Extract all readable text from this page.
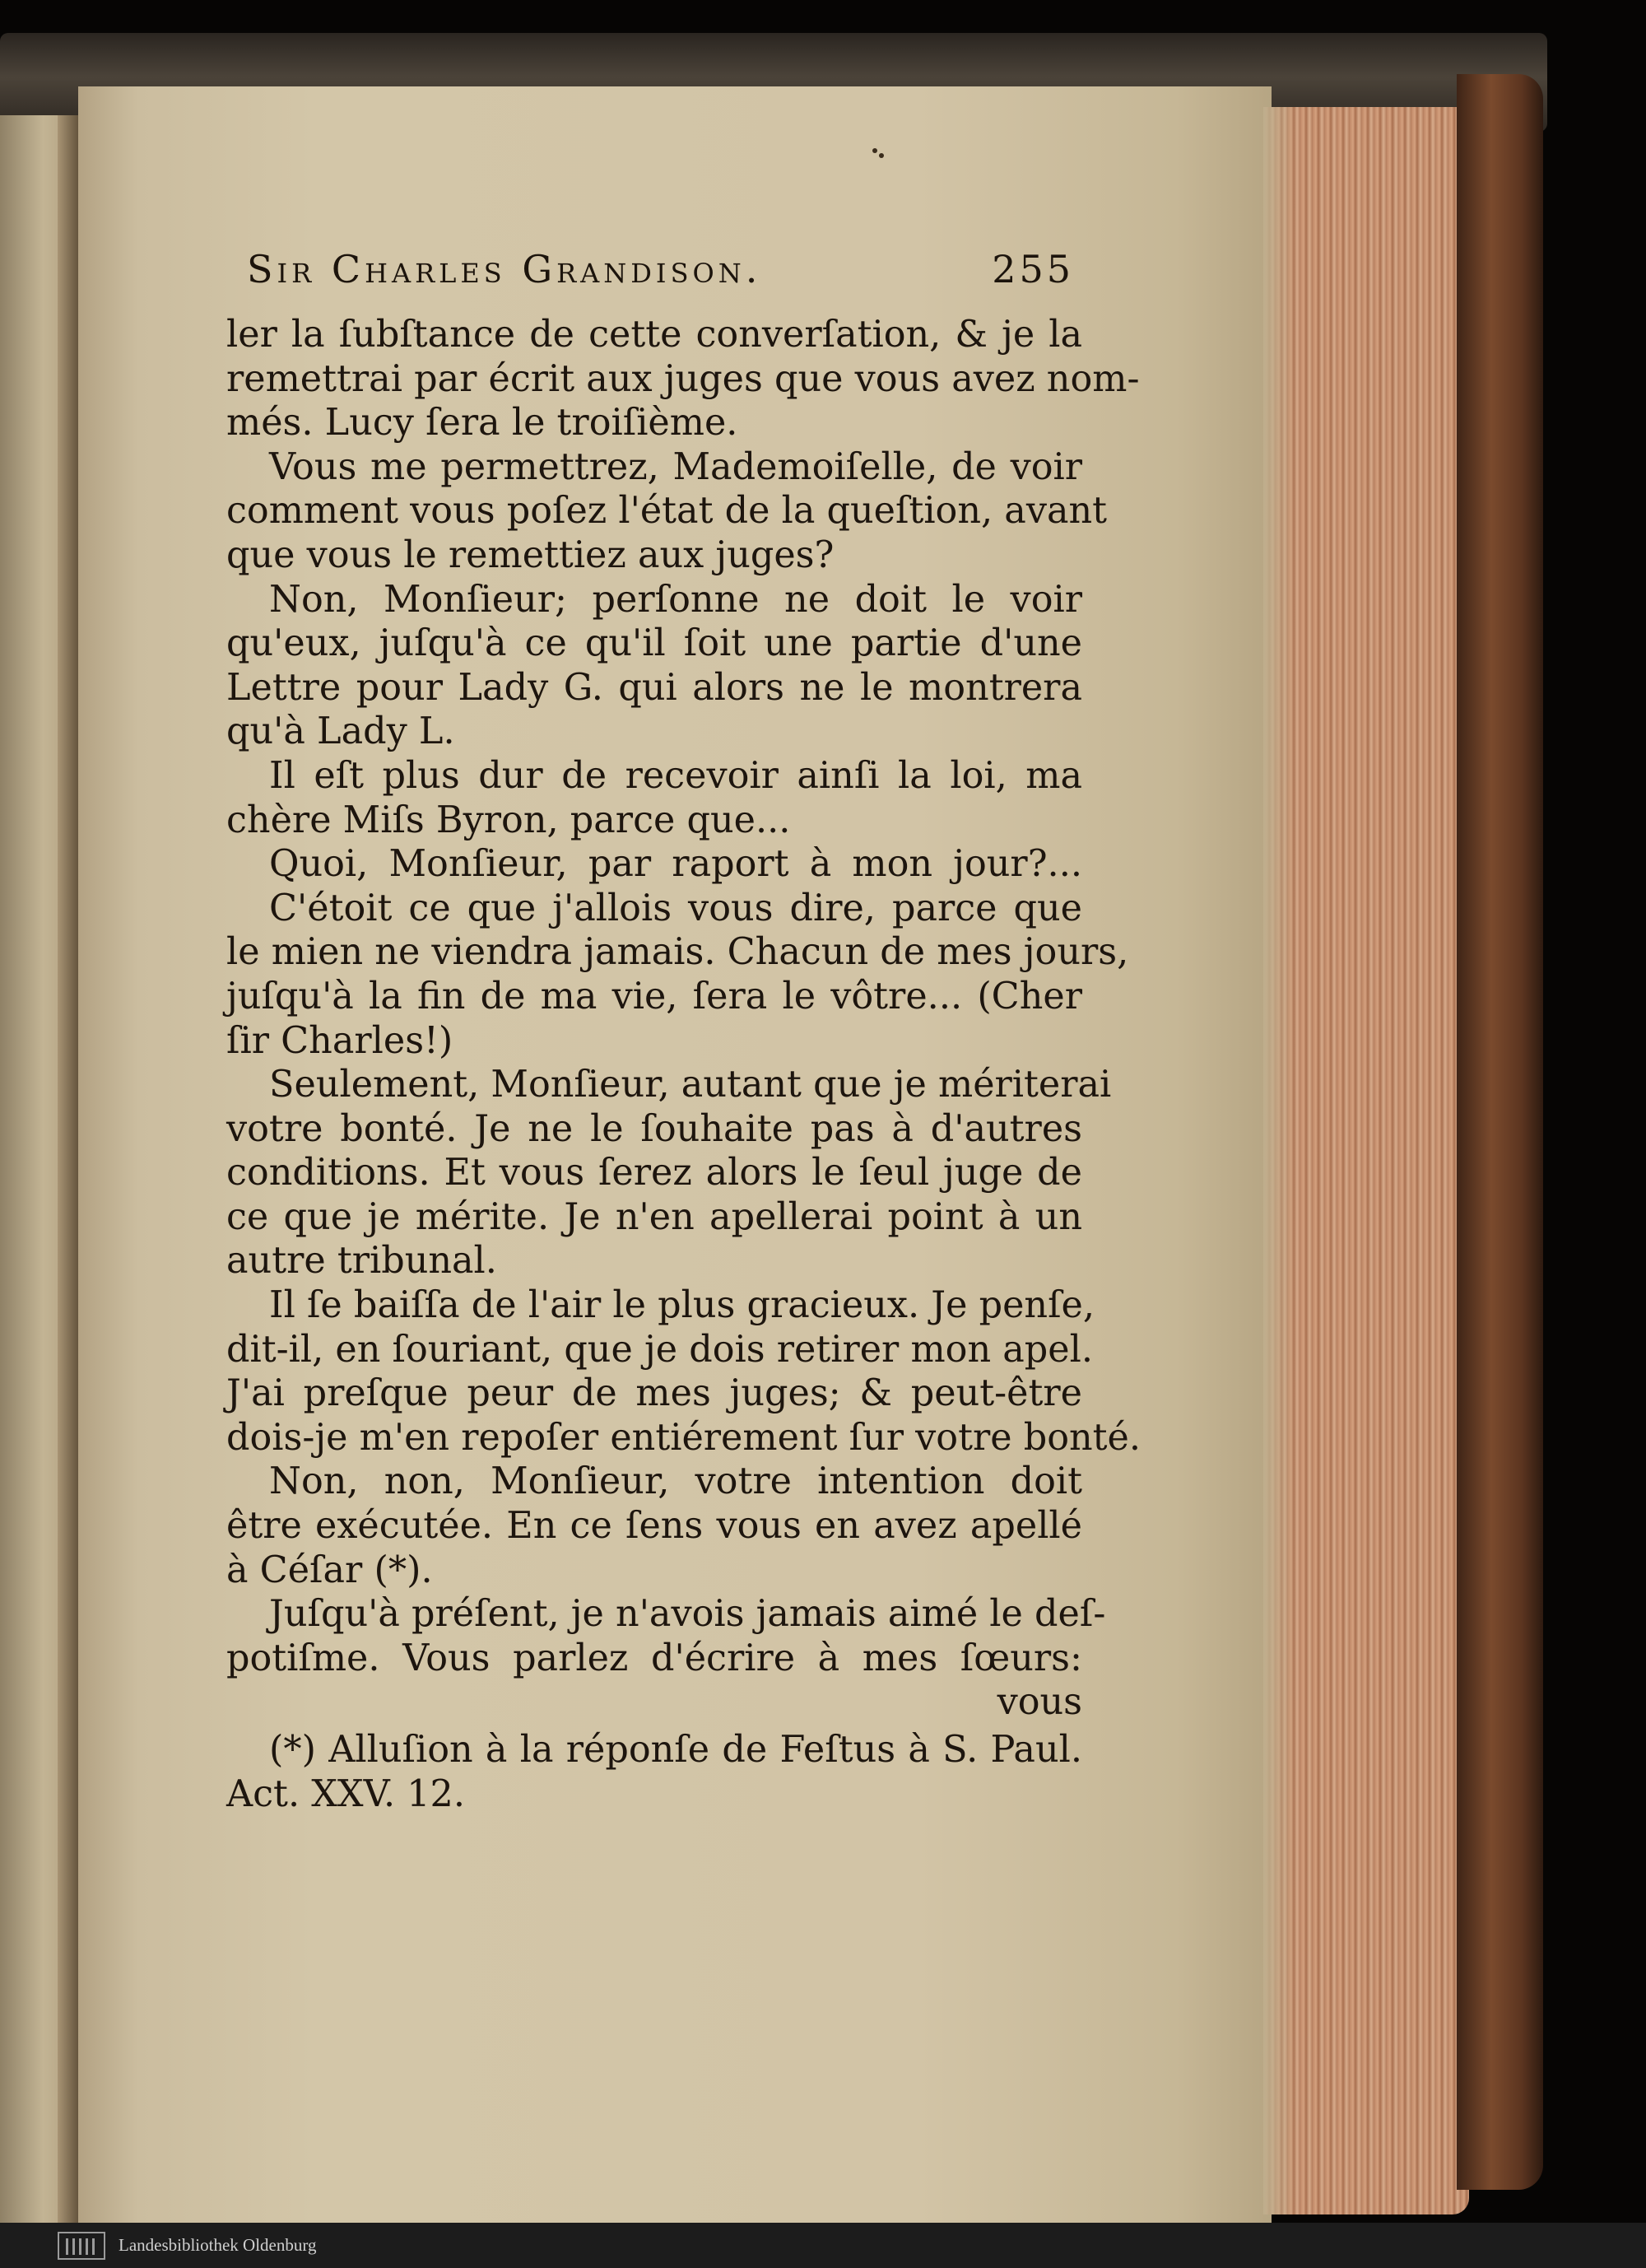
Sir Charles Grandison.	255
ler la ſubſtance de cette converſation, & je la
remettrai par écrit aux juges que vous avez nom-
més. Lucy ſera le troiſième.
Vous me permettrez, Mademoiſelle, de voir
comment vous poſez l'état de la queſtion, avant
que vous le remettiez aux juges?
Non, Monſieur; perſonne ne doit le voir
qu'eux, juſqu'à ce qu'il ſoit une partie d'une
Lettre pour Lady G. qui alors ne le montrera
qu'à Lady L.
Il eſt plus dur de recevoir ainſi la loi, ma
chère Miſs Byron, parce que...
Quoi, Monſieur, par raport à mon jour?...
C'étoit ce que j'allois vous dire, parce que
le mien ne viendra jamais. Chacun de mes jours,
juſqu'à la fin de ma vie, ſera le vôtre... (Cher
ſir Charles!)
Seulement, Monſieur, autant que je mériterai
votre bonté. Je ne le ſouhaite pas à d'autres
conditions. Et vous ſerez alors le ſeul juge de
ce que je mérite. Je n'en apellerai point à un
autre tribunal.
Il ſe baiſſa de l'air le plus gracieux. Je penſe,
dit-il, en ſouriant, que je dois retirer mon apel.
J'ai preſque peur de mes juges; & peut-être
dois-je m'en repoſer entiérement ſur votre bonté.
Non, non, Monſieur, votre intention doit
être exécutée. En ce ſens vous en avez apellé
à Céſar (*).
Juſqu'à préſent, je n'avois jamais aimé le deſ-
potiſme. Vous parlez d'écrire à mes ſœurs:
vous
(*) Alluſion à la réponſe de Feſtus à S. Paul.
Act. XXV. 12.
Landesbibliothek Oldenburg
